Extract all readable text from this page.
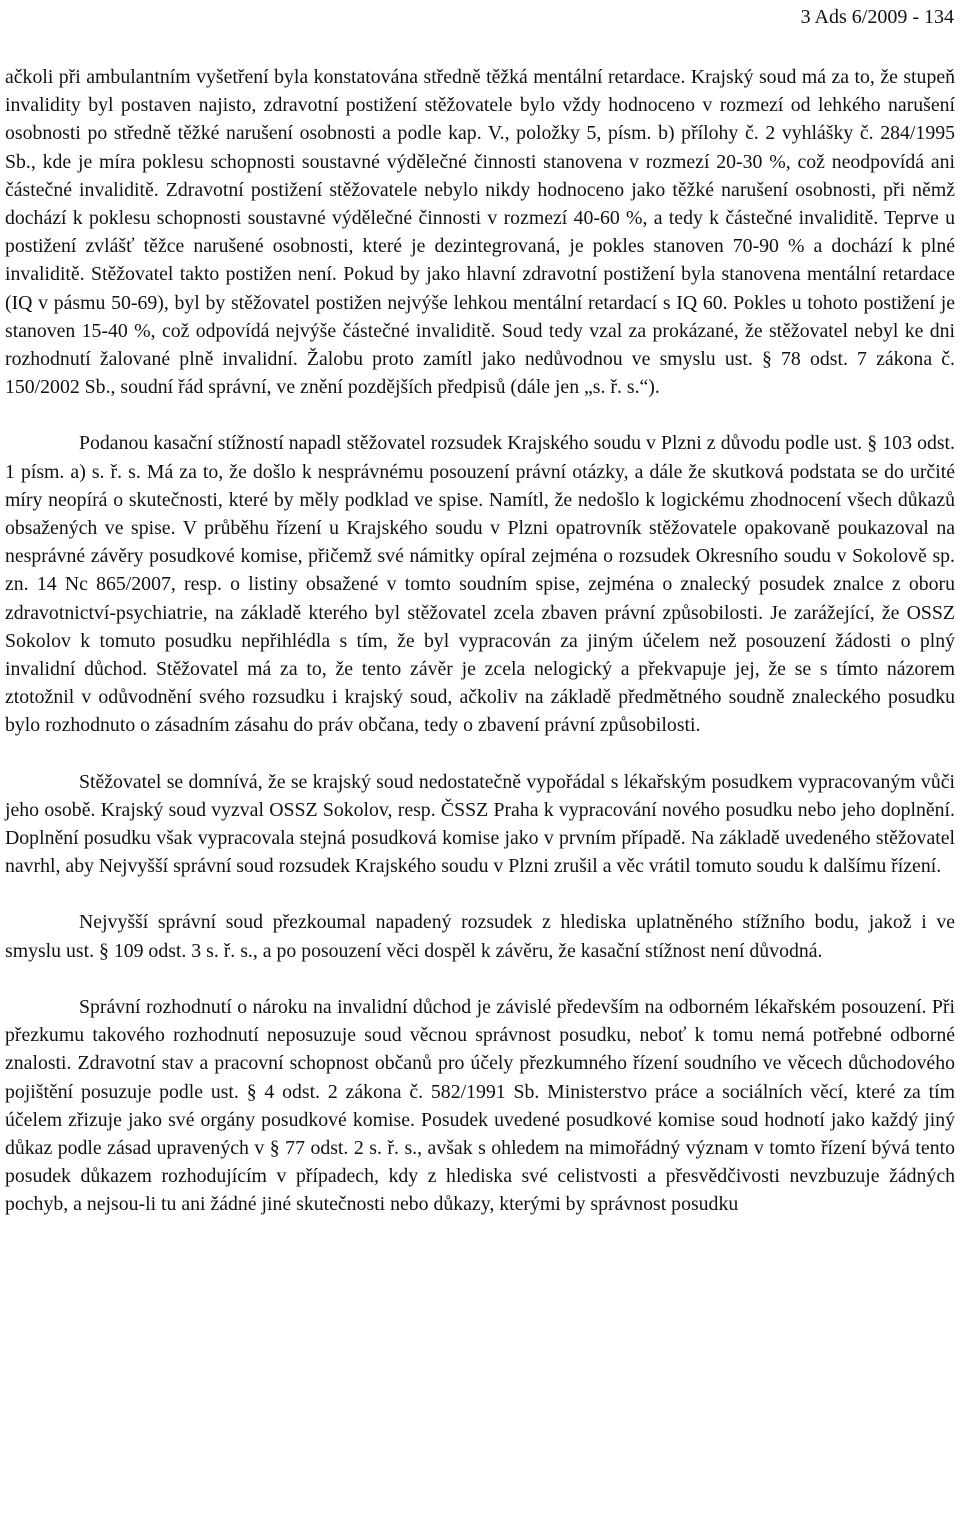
3 Ads 6/2009 - 134

ačkoli při ambulantním vyšetření byla konstatována středně těžká mentální retardace. Krajský soud má za to, že stupeň invalidity byl postaven najisto, zdravotní postižení stěžovatele bylo vždy hodnoceno v rozmezí od lehkého narušení osobnosti po středně těžké narušení osobnosti a podle kap. V., položky 5, písm. b) přílohy č. 2 vyhlášky č. 284/1995 Sb., kde je míra poklesu schopnosti soustavné výdělečné činnosti stanovena v rozmezí 20-30 %, což neodpovídá ani částečné invaliditě. Zdravotní postižení stěžovatele nebylo nikdy hodnoceno jako těžké narušení osobnosti, při němž dochází k poklesu schopnosti soustavné výdělečné činnosti v rozmezí 40-60 %, a tedy k částečné invaliditě. Teprve u postižení zvlášť těžce narušené osobnosti, které je dezintegrovaná, je pokles stanoven 70-90 % a dochází k plné invaliditě. Stěžovatel takto postižen není. Pokud by jako hlavní zdravotní postižení byla stanovena mentální retardace (IQ v pásmu 50-69), byl by stěžovatel postižen nejvýše lehkou mentální retardací s IQ 60. Pokles u tohoto postižení je stanoven 15-40 %, což odpovídá nejvýše částečné invaliditě. Soud tedy vzal za prokázané, že stěžovatel nebyl ke dni rozhodnutí žalované plně invalidní. Žalobu proto zamítl jako nedůvodnou ve smyslu ust. § 78 odst. 7 zákona č. 150/2002 Sb., soudní řád správní, ve znění pozdějších předpisů (dále jen „s. ř. s.“).

Podanou kasační stížností napadl stěžovatel rozsudek Krajského soudu v Plzni z důvodu podle ust. § 103 odst. 1 písm. a) s. ř. s. Má za to, že došlo k nesprávnému posouzení právní otázky, a dále že skutková podstata se do určité míry neopírá o skutečnosti, které by měly podklad ve spise. Namítl, že nedošlo k logickému zhodnocení všech důkazů obsažených ve spise. V průběhu řízení u Krajského soudu v Plzni opatrovník stěžovatele opakovaně poukazoval na nesprávné závěry posudkové komise, přičemž své námitky opíral zejména o rozsudek Okresního soudu v Sokolově sp. zn. 14 Nc 865/2007, resp. o listiny obsažené v tomto soudním spise, zejména o znalecký posudek znalce z oboru zdravotnictví-psychiatrie, na základě kterého byl stěžovatel zcela zbaven právní způsobilosti. Je zarážející, že OSSZ Sokolov k tomuto posudku nepřihlédla s tím, že byl vypracován za jiným účelem než posouzení žádosti o plný invalidní důchod. Stěžovatel má za to, že tento závěr je zcela nelogický a překvapuje jej, že se s tímto názorem ztotožnil v odůvodnění svého rozsudku i krajský soud, ačkoliv na základě předmětného soudně znaleckého posudku bylo rozhodnuto o zásadním zásahu do práv občana, tedy o zbavení právní způsobilosti.

Stěžovatel se domnívá, že se krajský soud nedostatečně vypořádal s lékařským posudkem vypracovaným vůči jeho osobě. Krajský soud vyzval OSSZ Sokolov, resp. ČSSZ Praha k vypracování nového posudku nebo jeho doplnění. Doplnění posudku však vypracovala stejná posudková komise jako v prvním případě. Na základě uvedeného stěžovatel navrhl, aby Nejvyšší správní soud rozsudek Krajského soudu v Plzni zrušil a věc vrátil tomuto soudu k dalšímu řízení.

Nejvyšší správní soud přezkoumal napadený rozsudek z hlediska uplatněného stížního bodu, jakož i ve smyslu ust. § 109 odst. 3 s. ř. s., a po posouzení věci dospěl k závěru, že kasační stížnost není důvodná.

Správní rozhodnutí o nároku na invalidní důchod je závislé především na odborném lékařském posouzení. Při přezkumu takového rozhodnutí neposuzuje soud věcnou správnost posudku, neboť k tomu nemá potřebné odborné znalosti. Zdravotní stav a pracovní schopnost občanů pro účely přezkumného řízení soudního ve věcech důchodového pojištění posuzuje podle ust. § 4 odst. 2 zákona č. 582/1991 Sb. Ministerstvo práce a sociálních věcí, které za tím účelem zřizuje jako své orgány posudkové komise. Posudek uvedené posudkové komise soud hodnotí jako každý jiný důkaz podle zásad upravených v § 77 odst. 2 s. ř. s., avšak s ohledem na mimořádný význam v tomto řízení bývá tento posudek důkazem rozhodujícím v případech, kdy z hlediska své celistvosti a přesvědčivosti nevzbuzuje žádných pochyb, a nejsou-li tu ani žádné jiné skutečnosti nebo důkazy, kterými by správnost posudku
